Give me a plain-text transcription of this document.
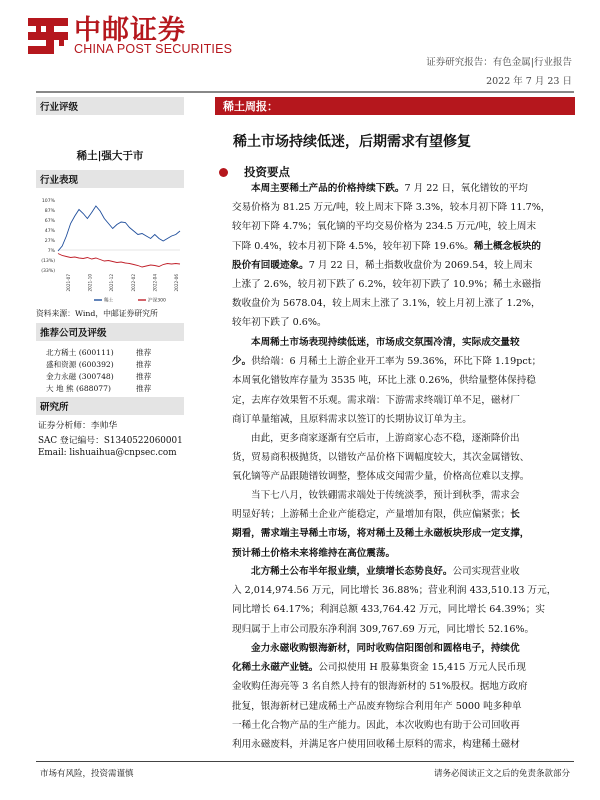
中邮证券
CHINA POST SECURITIES
证券研究报告：有色金属|行业报告
2022 年 7 月 23 日
行业评级
稀土|强大于市
行业表现
107%
87%
67%
47%
27%
7%
(13%)
(33%)
2021-07	2021-10	2021-12	2022-02	2022-04	2022-06
稀土	沪深300
资料来源：Wind，中邮证券研究所
推荐公司及评级
北方稀土 (600111)	推荐
盛和资源 (600392)	推荐
金力永磁 (300748)	推荐
大 地 熊 (688077)	推荐
研究所
证券分析师：李帅华
SAC 登记编号：S1340522060001
Email: lishuaihua@cnpsec.com
稀土周报：
稀土市场持续低迷，后期需求有望修复
投资要点
本周主要稀土产品的价格持续下跌。7 月 22 日，氧化镨钕的平均
交易价格为 81.25 万元/吨，较上周末下降 3.3%，较本月初下降 11.7%，
较年初下降 4.7%；氧化镝的平均交易价格为 234.5 万元/吨，较上周末
下降 0.4%，较本月初下降 4.5%，较年初下降 19.6%。稀土概念板块的
股价有回暖迹象。7 月 22 日，稀土指数收盘价为 2069.54，较上周末
上涨了 2.6%，较月初下跌了 6.2%，较年初下跌了 10.9%；稀土永磁指
数收盘价为 5678.04，较上周末上涨了 3.1%，较上月初上涨了 1.2%，
较年初下跌了 0.6%。
本周稀土市场表现持续低迷，市场成交氛围冷清，实际成交量较
少。供给端：6 月稀土上游企业开工率为 59.36%，环比下降 1.19pct；
本周氧化镨钕库存量为 3535 吨，环比上涨 0.26%，供给量整体保持稳
定，去库存效果暂不乐观。需求端：下游需求终端订单不足，磁材厂
商订单量缩减，且原料需求以签订的长期协议订单为主。
由此，更多商家逐渐有空后市，上游商家心态不稳，逐渐降价出
货，贸易商积极抛货，以镨钕产品价格下调幅度较大，其次金属镨钕、
氧化镝等产品跟随镨钕调整，整体成交闻需少量，价格高位难以支撑。
当下七八月，钕铁硼需求端处于传统淡季，预计到秋季，需求会
明显好转；上游稀土企业产能稳定，产量增加有限，供应偏紧张；长
期看，需求端主导稀土市场，将对稀土及稀土永磁板块形成一定支撑，
预计稀土价格未来将维持在高位震荡。
北方稀土公布半年报业绩，业绩增长态势良好。公司实现营业收
入 2,014,974.56 万元，同比增长 36.88%；营业利润 433,510.13 万元，
同比增长 64.17%；利润总额 433,764.42 万元，同比增长 64.39%；实
现归属于上市公司股东净利润 309,767.69 万元，同比增长 52.16%。
金力永磁收购银海新材，同时收购信阳图创和圆格电子，持续优
化稀土永磁产业链。公司拟使用 H 股募集资金 15,415 万元人民币现
金收购任海亮等 3 名自然人持有的银海新材的 51%股权。据地方政府
批复，银海新材已建成稀土产品废弃物综合利用年产 5000 吨多种单
一稀土化合物产品的生产能力。因此，本次收购也有助于公司回收再
利用永磁废料，并满足客户使用回收稀土原料的需求，构建稀土磁材
市场有风险，投资需谨慎	请务必阅读正文之后的免责条款部分
